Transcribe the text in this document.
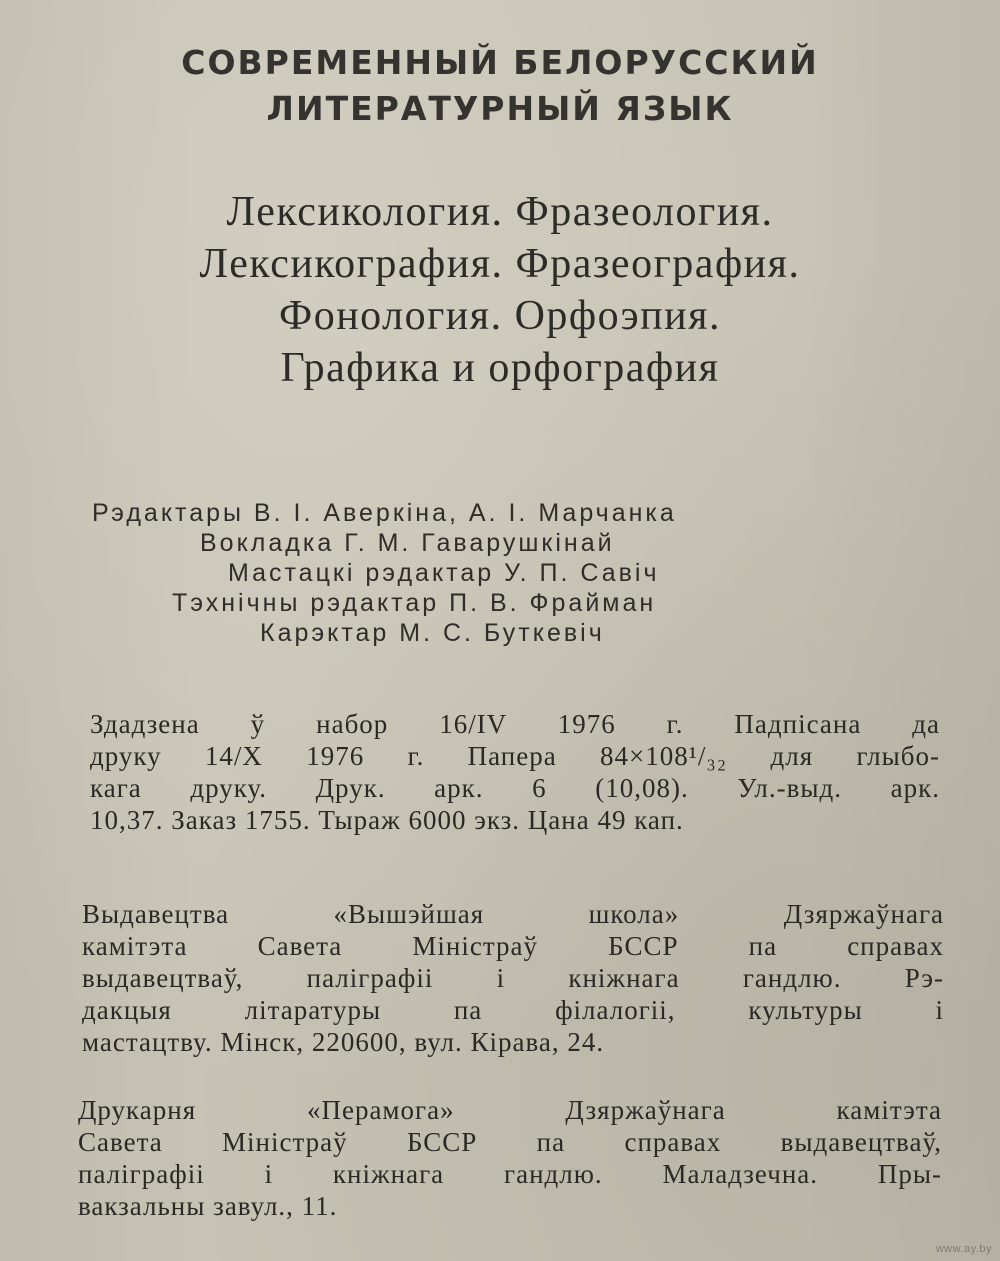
СОВРЕМЕННЫЙ БЕЛОРУССКИЙ
ЛИТЕРАТУРНЫЙ ЯЗЫК
Лексикология. Фразеология.
Лексикография. Фразеография.
Фонология. Орфоэпия.
Графика и орфография
Рэдактары В. І. Аверкіна, А. І. Марчанка
Вокладка Г. М. Гаварушкінай
Мастацкі рэдактар У. П. Савіч
Тэхнічны рэдактар П. В. Фрайман
Карэктар М. С. Буткевіч
Здадзена ў набор 16/IV 1976 г. Падпісана да
друку 14/X 1976 г. Папера 84×108¹/₃₂ для глыбо-
кага друку. Друк. арк. 6 (10,08). Ул.-выд. арк.
10,37. Заказ 1755. Тыраж 6000 экз. Цана 49 кап.
Выдавецтва «Вышэйшая школа» Дзяржаўнага
камітэта Савета Міністраў БССР па справах
выдавецтваў, паліграфіі і кніжнага гандлю. Рэ-
дакцыя літаратуры па філалогіі, культуры і
мастацтву. Мінск, 220600, вул. Кірава, 24.
Друкарня «Перамога» Дзяржаўнага камітэта
Савета Міністраў БССР па справах выдавецтваў,
паліграфіі і кніжнага гандлю. Маладзечна. Пры-
вакзальны завул., 11.
www.ay.by
